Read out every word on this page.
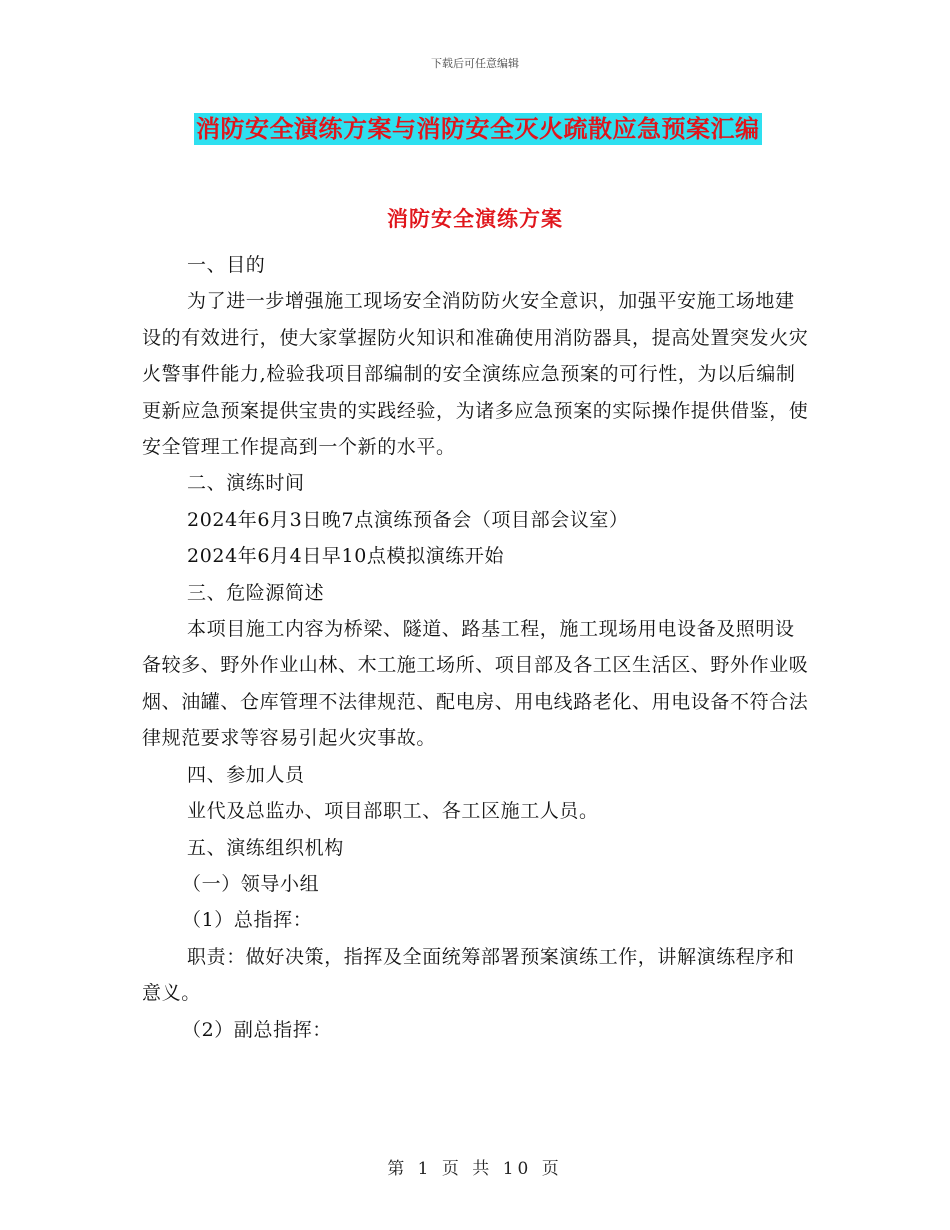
下载后可任意编辑
消防安全演练方案与消防安全灭火疏散应急预案汇编
消防安全演练方案

一、目的

为了进一步增强施工现场安全消防防火安全意识，加强平安施工场地建设的有效进行，使大家掌握防火知识和准确使用消防器具，提高处置突发火灾火警事件能力,检验我项目部编制的安全演练应急预案的可行性，为以后编制更新应急预案提供宝贵的实践经验，为诸多应急预案的实际操作提供借鉴，使安全管理工作提高到一个新的水平。

二、演练时间

2024年6月3日晚7点演练预备会（项目部会议室）

2024年6月4日早10点模拟演练开始

三、危险源简述

本项目施工内容为桥梁、隧道、路基工程，施工现场用电设备及照明设备较多、野外作业山林、木工施工场所、项目部及各工区生活区、野外作业吸烟、油罐、仓库管理不法律规范、配电房、用电线路老化、用电设备不符合法律规范要求等容易引起火灾事故。

四、参加人员

业代及总监办、项目部职工、各工区施工人员。

五、演练组织机构

（一）领导小组

（1）总指挥：

职责：做好决策，指挥及全面统筹部署预案演练工作，讲解演练程序和意义。

（2）副总指挥：

第 1 页 共 10 页
